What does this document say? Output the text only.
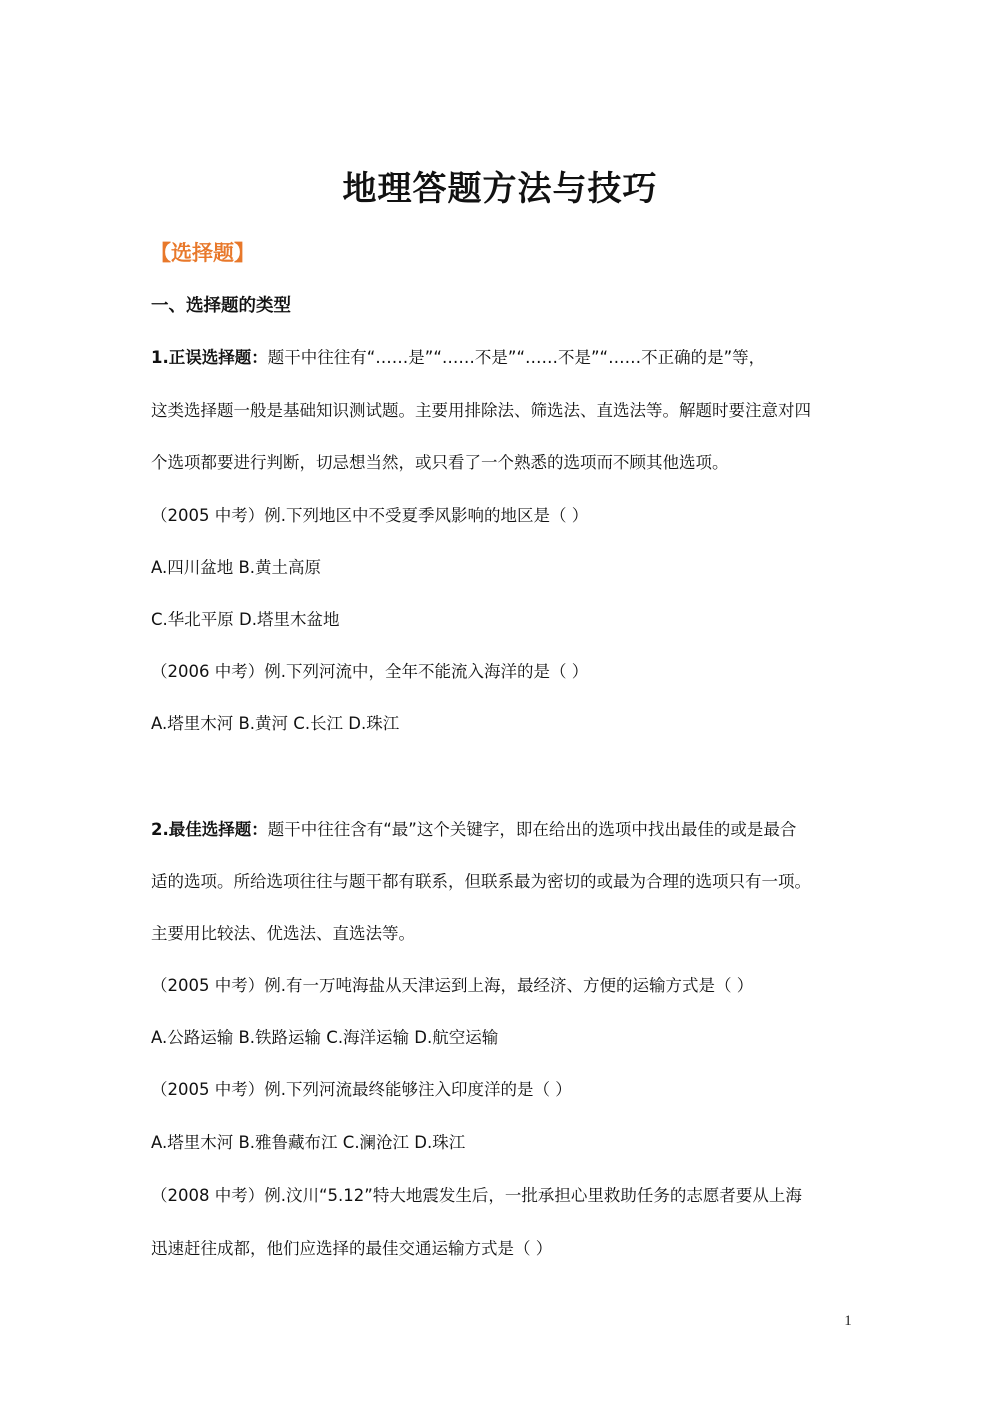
地理答题方法与技巧
【选择题】
一、选择题的类型
1.正误选择题：题干中往往有“……是”“……不是”“……不是”“……不正确的是”等，
这类选择题一般是基础知识测试题。主要用排除法、筛选法、直选法等。解题时要注意对四
个选项都要进行判断，切忌想当然，或只看了一个熟悉的选项而不顾其他选项。
（2005 中考）例.下列地区中不受夏季风影响的地区是（ ）
A.四川盆地 B.黄土高原
C.华北平原 D.塔里木盆地
（2006 中考）例.下列河流中，全年不能流入海洋的是（ ）
A.塔里木河 B.黄河 C.长江 D.珠江
2.最佳选择题：题干中往往含有“最”这个关键字，即在给出的选项中找出最佳的或是最合
适的选项。所给选项往往与题干都有联系，但联系最为密切的或最为合理的选项只有一项。
主要用比较法、优选法、直选法等。
（2005 中考）例.有一万吨海盐从天津运到上海，最经济、方便的运输方式是（ ）
A.公路运输 B.铁路运输 C.海洋运输 D.航空运输
（2005 中考）例.下列河流最终能够注入印度洋的是（ ）
A.塔里木河 B.雅鲁藏布江 C.澜沧江 D.珠江
（2008 中考）例.汶川“5.12”特大地震发生后，一批承担心里救助任务的志愿者要从上海
迅速赶往成都，他们应选择的最佳交通运输方式是（ ）
1
